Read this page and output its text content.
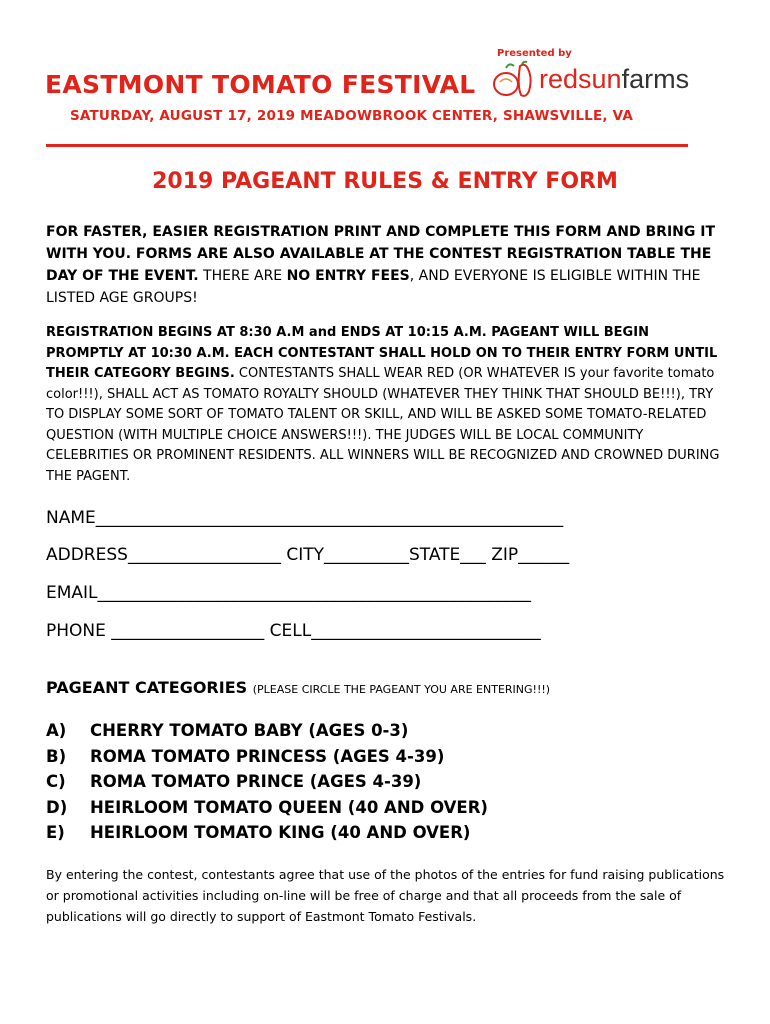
Presented by
EASTMONT TOMATO FESTIVAL redsunfarms
SATURDAY, AUGUST 17, 2019 MEADOWBROOK CENTER, SHAWSVILLE, VA
2019 PAGEANT RULES & ENTRY FORM
FOR FASTER, EASIER REGISTRATION PRINT AND COMPLETE THIS FORM AND BRING IT WITH YOU. FORMS ARE ALSO AVAILABLE AT THE CONTEST REGISTRATION TABLE THE DAY OF THE EVENT. THERE ARE NO ENTRY FEES, AND EVERYONE IS ELIGIBLE WITHIN THE LISTED AGE GROUPS!
REGISTRATION BEGINS AT 8:30 A.M and ENDS AT 10:15 A.M. PAGEANT WILL BEGIN PROMPTLY AT 10:30 A.M. EACH CONTESTANT SHALL HOLD ON TO THEIR ENTRY FORM UNTIL THEIR CATEGORY BEGINS. CONTESTANTS SHALL WEAR RED (OR WHATEVER IS your favorite tomato color!!!), SHALL ACT AS TOMATO ROYALTY SHOULD (WHATEVER THEY THINK THAT SHOULD BE!!!), TRY TO DISPLAY SOME SORT OF TOMATO TALENT OR SKILL, AND WILL BE ASKED SOME TOMATO-RELATED QUESTION (WITH MULTIPLE CHOICE ANSWERS!!!). THE JUDGES WILL BE LOCAL COMMUNITY CELEBRITIES OR PROMINENT RESIDENTS. ALL WINNERS WILL BE RECOGNIZED AND CROWNED DURING THE PAGENT.
NAME_______________________________________________________
ADDRESS__________________ CITY__________STATE___ ZIP______
EMAIL___________________________________________________
PHONE __________________ CELL___________________________
PAGEANT CATEGORIES (PLEASE CIRCLE THE PAGEANT YOU ARE ENTERING!!!)
A)	CHERRY TOMATO BABY (AGES 0-3)
B)	ROMA TOMATO PRINCESS (AGES 4-39)
C)	ROMA TOMATO PRINCE (AGES 4-39)
D)	HEIRLOOM TOMATO QUEEN (40 AND OVER)
E)	HEIRLOOM TOMATO KING (40 AND OVER)
By entering the contest, contestants agree that use of the photos of the entries for fund raising publications or promotional activities including on-line will be free of charge and that all proceeds from the sale of publications will go directly to support of Eastmont Tomato Festivals.
